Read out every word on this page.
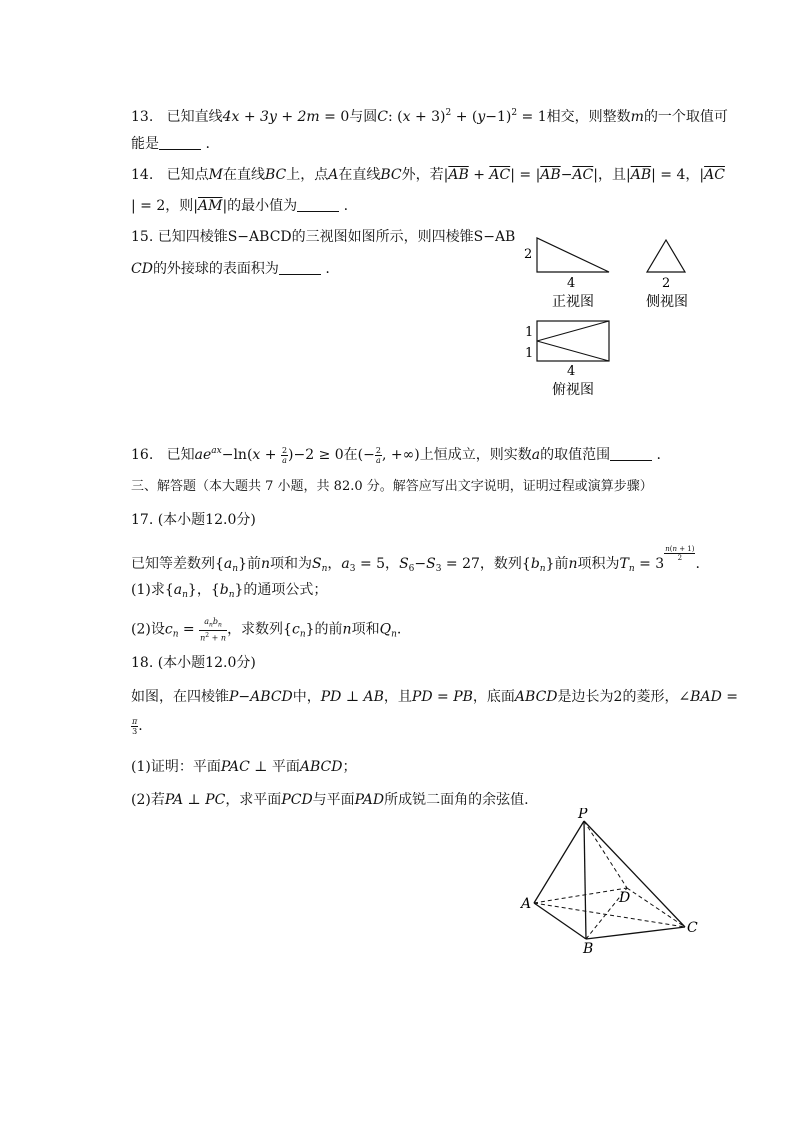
13.   已知直线4x + 3y + 2m = 0与圆C: $(x + 3)^2 + (y-1)^2 = 1$相交，则整数m的一个取值可
能是	.
14.   已知点M在直线BC上，点A在直线BC外，若$|\overline{AB} + \overline{AC}| = |\overline{AB}-\overline{AC}|$，且$|\overline{AB}| = 4$，$|\overline{AC}$
| = 2，则$|\overline{AM}|$的最小值为	.
15. 已知四棱锥S−ABCD的三视图如图所示，则四棱锥S−AB
CD的外接球的表面积为	.
2
4
正视图
2
侧视图
1
1
4
俯视图
16.   已知$ae^{ax}-\ln(x + \frac{2}{a} )-2 \ge 0$在(− $\frac{2}{a}$ , +∞)上恒成立，则实数a的取值范围	.
三、解答题（本大题共 7 小题，共 82.0 分。解答应写出文字说明，证明过程或演算步骤）
17. (本小题12.0分)
已知等差数列$\{a_n\}$前n项和为$S_n$，$a_3 = 5$，$S_6-S_3 = 27$，数列$\{b_n\}$前n项积为$T_n = 3$
$\frac{n(n + 1)}{2}$
.
(1)求$\{a_n\}$，$\{b_n\}$的通项公式；
(2)设$c_n = \frac{a_nb_n}{n^2 + n}$ ，求数列$\{c_n\}$的前n项和$Q_n$.
18. (本小题12.0分)
如图，在四棱锥P−ABCD中，PD ⊥ AB，且PD = PB，底面ABCD是边长为2的菱形，∠BAD =
$\frac{\pi}{3}$ .
(1)证明：平面PAC ⊥ 平面ABCD；
(2)若PA ⊥ PC，求平面PCD与平面PAD所成锐二面角的余弦值.
P
A
B
C
D
